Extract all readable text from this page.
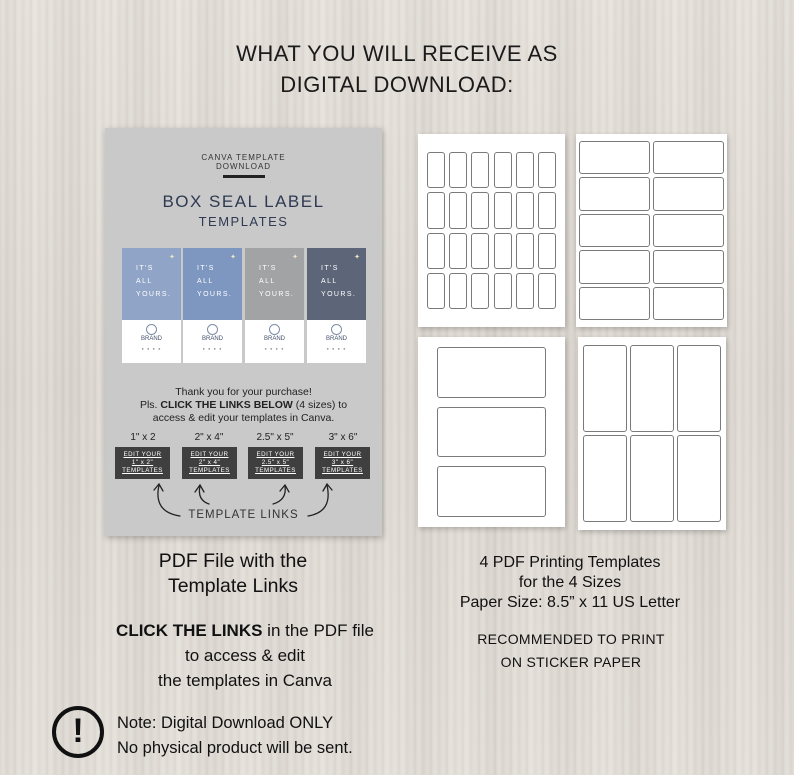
WHAT YOU WILL RECEIVE AS
DIGITAL DOWNLOAD:
CANVA TEMPLATE
DOWNLOAD
BOX SEAL LABEL
TEMPLATES
IT'S
ALL
YOURS.
✦
BRAND
● ● ● ●
IT'S
ALL
YOURS.
✦
BRAND
● ● ● ●
IT'S
ALL
YOURS.
✦
BRAND
● ● ● ●
IT'S
ALL
YOURS.
✦
BRAND
● ● ● ●
Thank you for your purchase!
Pls. CLICK THE LINKS BELOW (4 sizes) to
access & edit your templates in Canva.
1" x 2	2" x 4"	2.5" x 5"	3" x 6"
EDIT YOUR
1" x 2"
TEMPLATES
EDIT YOUR
2" x 4"
TEMPLATES
EDIT YOUR
2.5" x 5"
TEMPLATES
EDIT YOUR
3" x 6"
TEMPLATES
TEMPLATE LINKS
PDF File with the
Template Links
CLICK THE LINKS in the PDF file
to access & edit
the templates in Canva
4 PDF Printing Templates
for the 4 Sizes
Paper Size: 8.5” x 11 US Letter
RECOMMENDED TO PRINT
ON STICKER PAPER
!	Note: Digital Download ONLY
No physical product will be sent.
